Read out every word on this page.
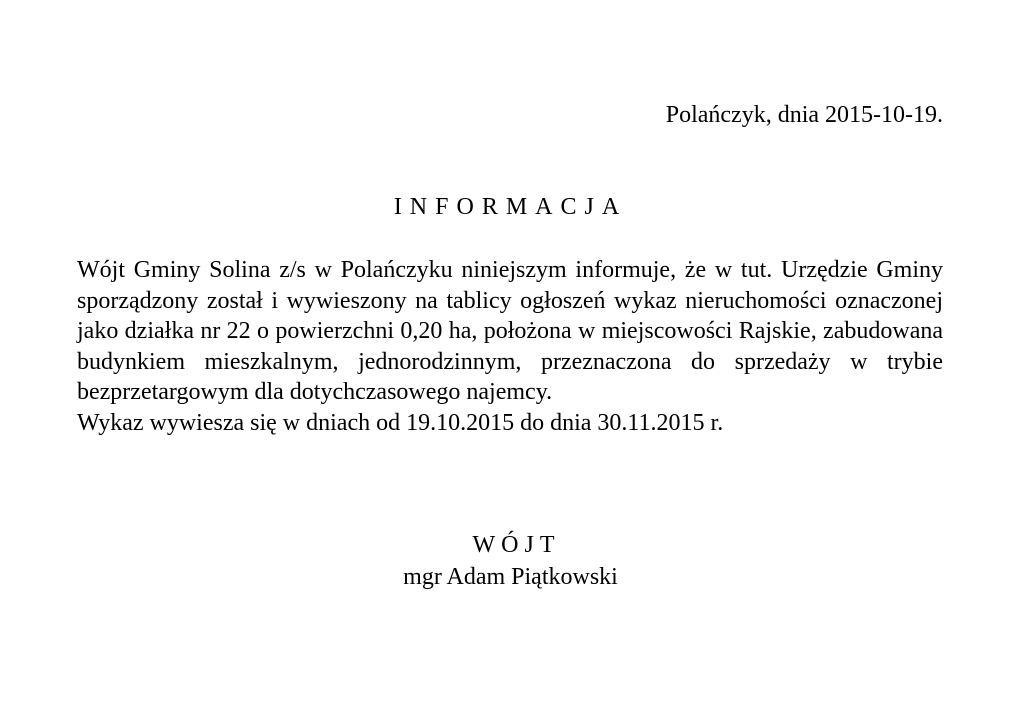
Polańczyk, dnia 2015-10-19.
INFORMACJA

Wójt Gminy Solina z/s w Polańczyku niniejszym informuje, że w tut. Urzędzie Gminy sporządzony został i wywieszony na tablicy ogłoszeń wykaz nieruchomości oznaczonej jako działka nr 22 o powierzchni 0,20 ha, położona w miejscowości Rajskie, zabudowana budynkiem mieszkalnym, jednorodzinnym, przeznaczona do sprzedaży w trybie bezprzetargowym dla dotychczasowego najemcy.

Wykaz wywiesza się w dniach od 19.10.2015 do dnia 30.11.2015 r.

WÓJT
mgr Adam Piątkowski
